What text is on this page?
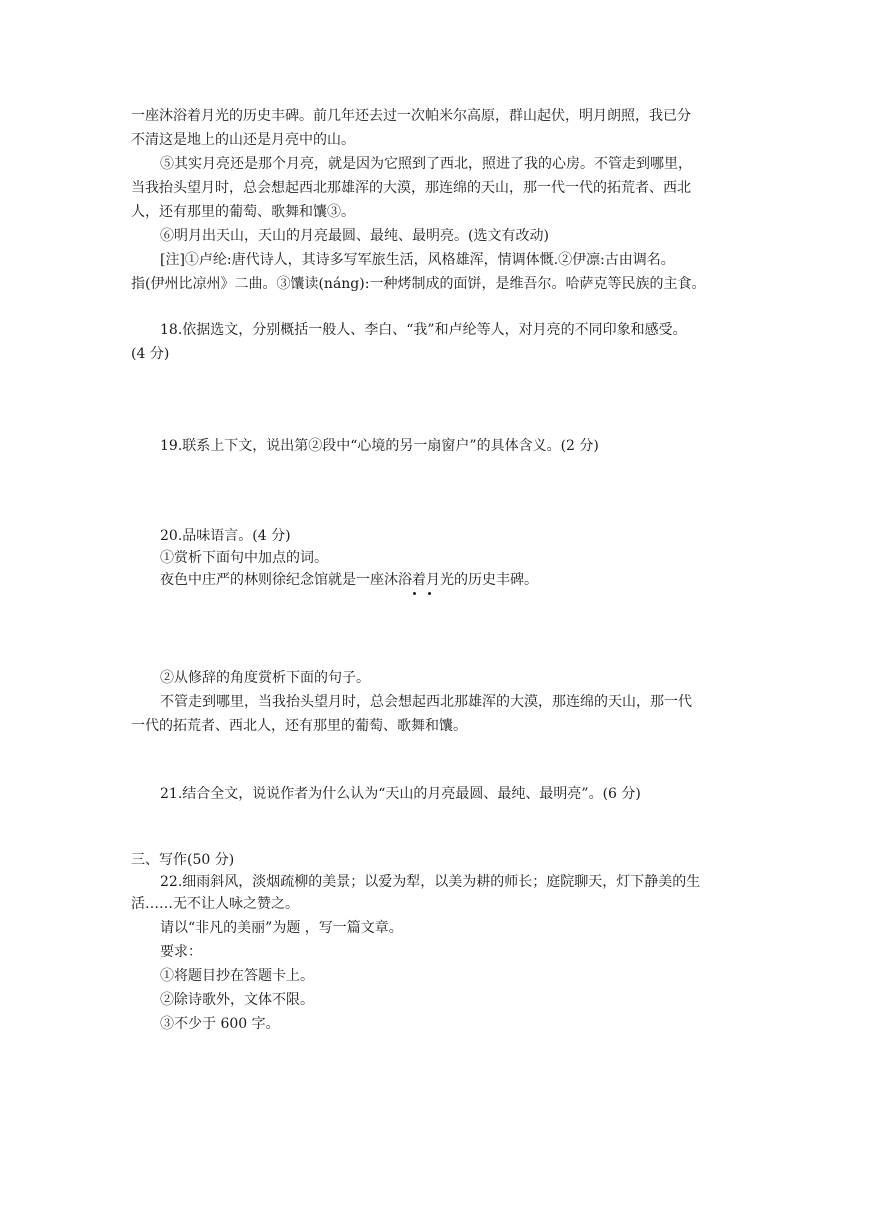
一座沐浴着月光的历史丰碑。前几年还去过一次帕米尔高原，群山起伏，明月朗照，我已分
不清这是地上的山还是月亮中的山。
⑤其实月亮还是那个月亮，就是因为它照到了西北，照进了我的心房。不管走到哪里，
当我抬头望月时，总会想起西北那雄浑的大漠，那连绵的天山，那一代一代的拓荒者、西北
人，还有那里的葡萄、歌舞和馕③。
⑥明月出天山，天山的月亮最圆、最纯、最明亮。(选文有改动)
[注]①卢纶:唐代诗人，其诗多写军旅生活，风格雄浑，情调体慨.②伊凛:古由调名。
指(伊州比凉州》二曲。③馕读(náng):一种烤制成的面饼，是维吾尔。哈萨克等民族的主食。
18.依据选文，分别概括一般人、李白、“我”和卢纶等人，对月亮的不同印象和感受。
(4 分)
19.联系上下文，说出第②段中“心境的另一扇窗户”的具体含义。(2 分)
20.品味语言。(4 分)
①赏析下面句中加点的词。
夜色中庄严的林则徐纪念馆就是一座沐浴着月光的历史丰碑。
②从修辞的角度赏析下面的句子。
不管走到哪里，当我抬头望月时，总会想起西北那雄浑的大漠，那连绵的天山，那一代
一代的拓荒者、西北人，还有那里的葡萄、歌舞和馕。
21.结合全文，说说作者为什么认为“天山的月亮最圆、最纯、最明亮”。(6 分)
三、写作(50 分)
22.细雨斜风，淡烟疏柳的美景；以爱为犁，以美为耕的师长；庭院聊天，灯下静美的生
活……无不让人咏之赞之。
请以“非凡的美丽”为题 ，写一篇文章。
要求：
①将题目抄在答题卡上。
②除诗歌外，文体不限。
③不少于 600 字。
